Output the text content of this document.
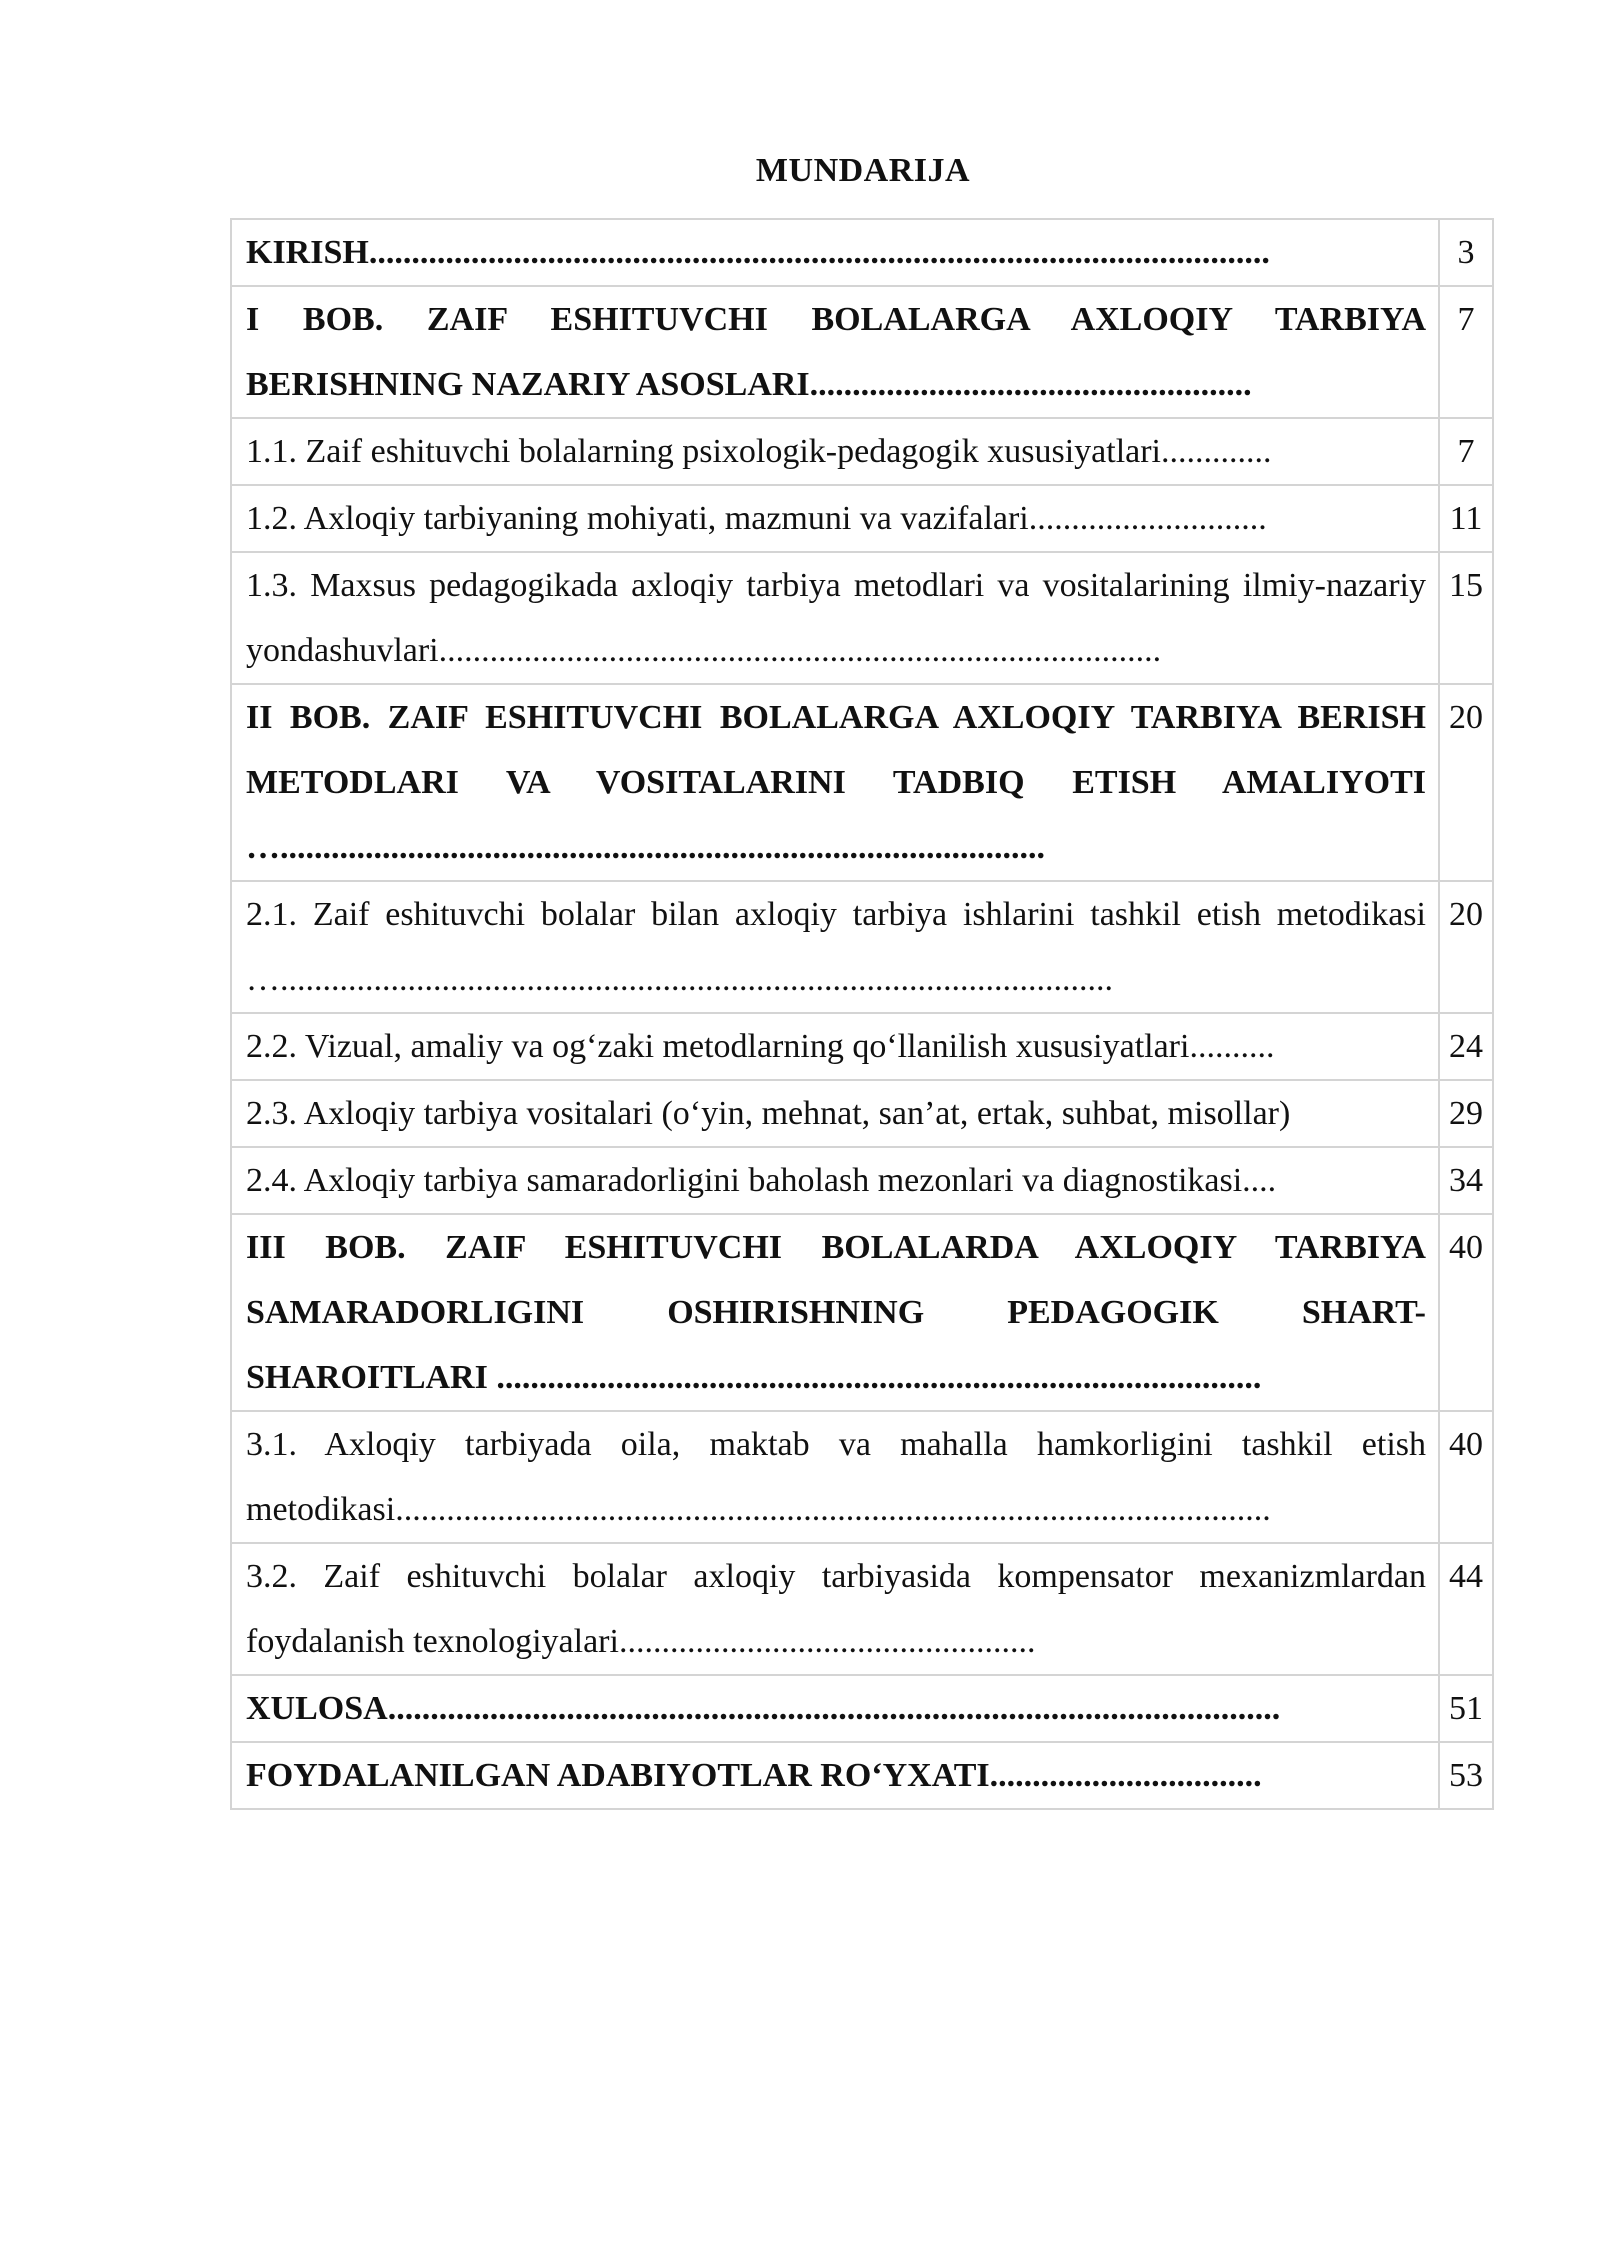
MUNDARIJA
KIRISH..........................................................................................................	3
I BOB. ZAIF ESHITUVCHI BOLALARGA AXLOQIY TARBIYA BERISHNING NAZARIY ASOSLARI....................................................	7
1.1. Zaif eshituvchi bolalarning psixologik-pedagogik xususiyatlari.............	7
1.2. Axloqiy tarbiyaning mohiyati, mazmuni va vazifalari............................	11
1.3. Maxsus pedagogikada axloqiy tarbiya metodlari va vositalarining ilmiy-nazariy yondashuvlari.....................................................................................	15
II BOB. ZAIF ESHITUVCHI BOLALARGA AXLOQIY TARBIYA BERISH METODLARI VA VOSITALARINI TADBIQ ETISH AMALIYOTI …..........................................................................................	20
2.1. Zaif eshituvchi bolalar bilan axloqiy tarbiya ishlarini tashkil etish metodikasi …..................................................................................................	20
2.2. Vizual, amaliy va og‘zaki metodlarning qo‘llanilish xususiyatlari..........	24
2.3. Axloqiy tarbiya vositalari (o‘yin, mehnat, san’at, ertak, suhbat, misollar)	29
2.4. Axloqiy tarbiya samaradorligini baholash mezonlari va diagnostikasi....	34
III BOB. ZAIF ESHITUVCHI BOLALARDA AXLOQIY TARBIYA SAMARADORLIGINI OSHIRISHNING PEDAGOGIK SHART-SHAROITLARI ..........................................................................................	40
3.1. Axloqiy tarbiyada oila, maktab va mahalla hamkorligini tashkil etish metodikasi.......................................................................................................	40
3.2. Zaif eshituvchi bolalar axloqiy tarbiyasida kompensator mexanizmlardan foydalanish texnologiyalari.................................................	44
XULOSA.........................................................................................................	51
FOYDALANILGAN ADABIYOTLAR RO‘YXATI................................	53
